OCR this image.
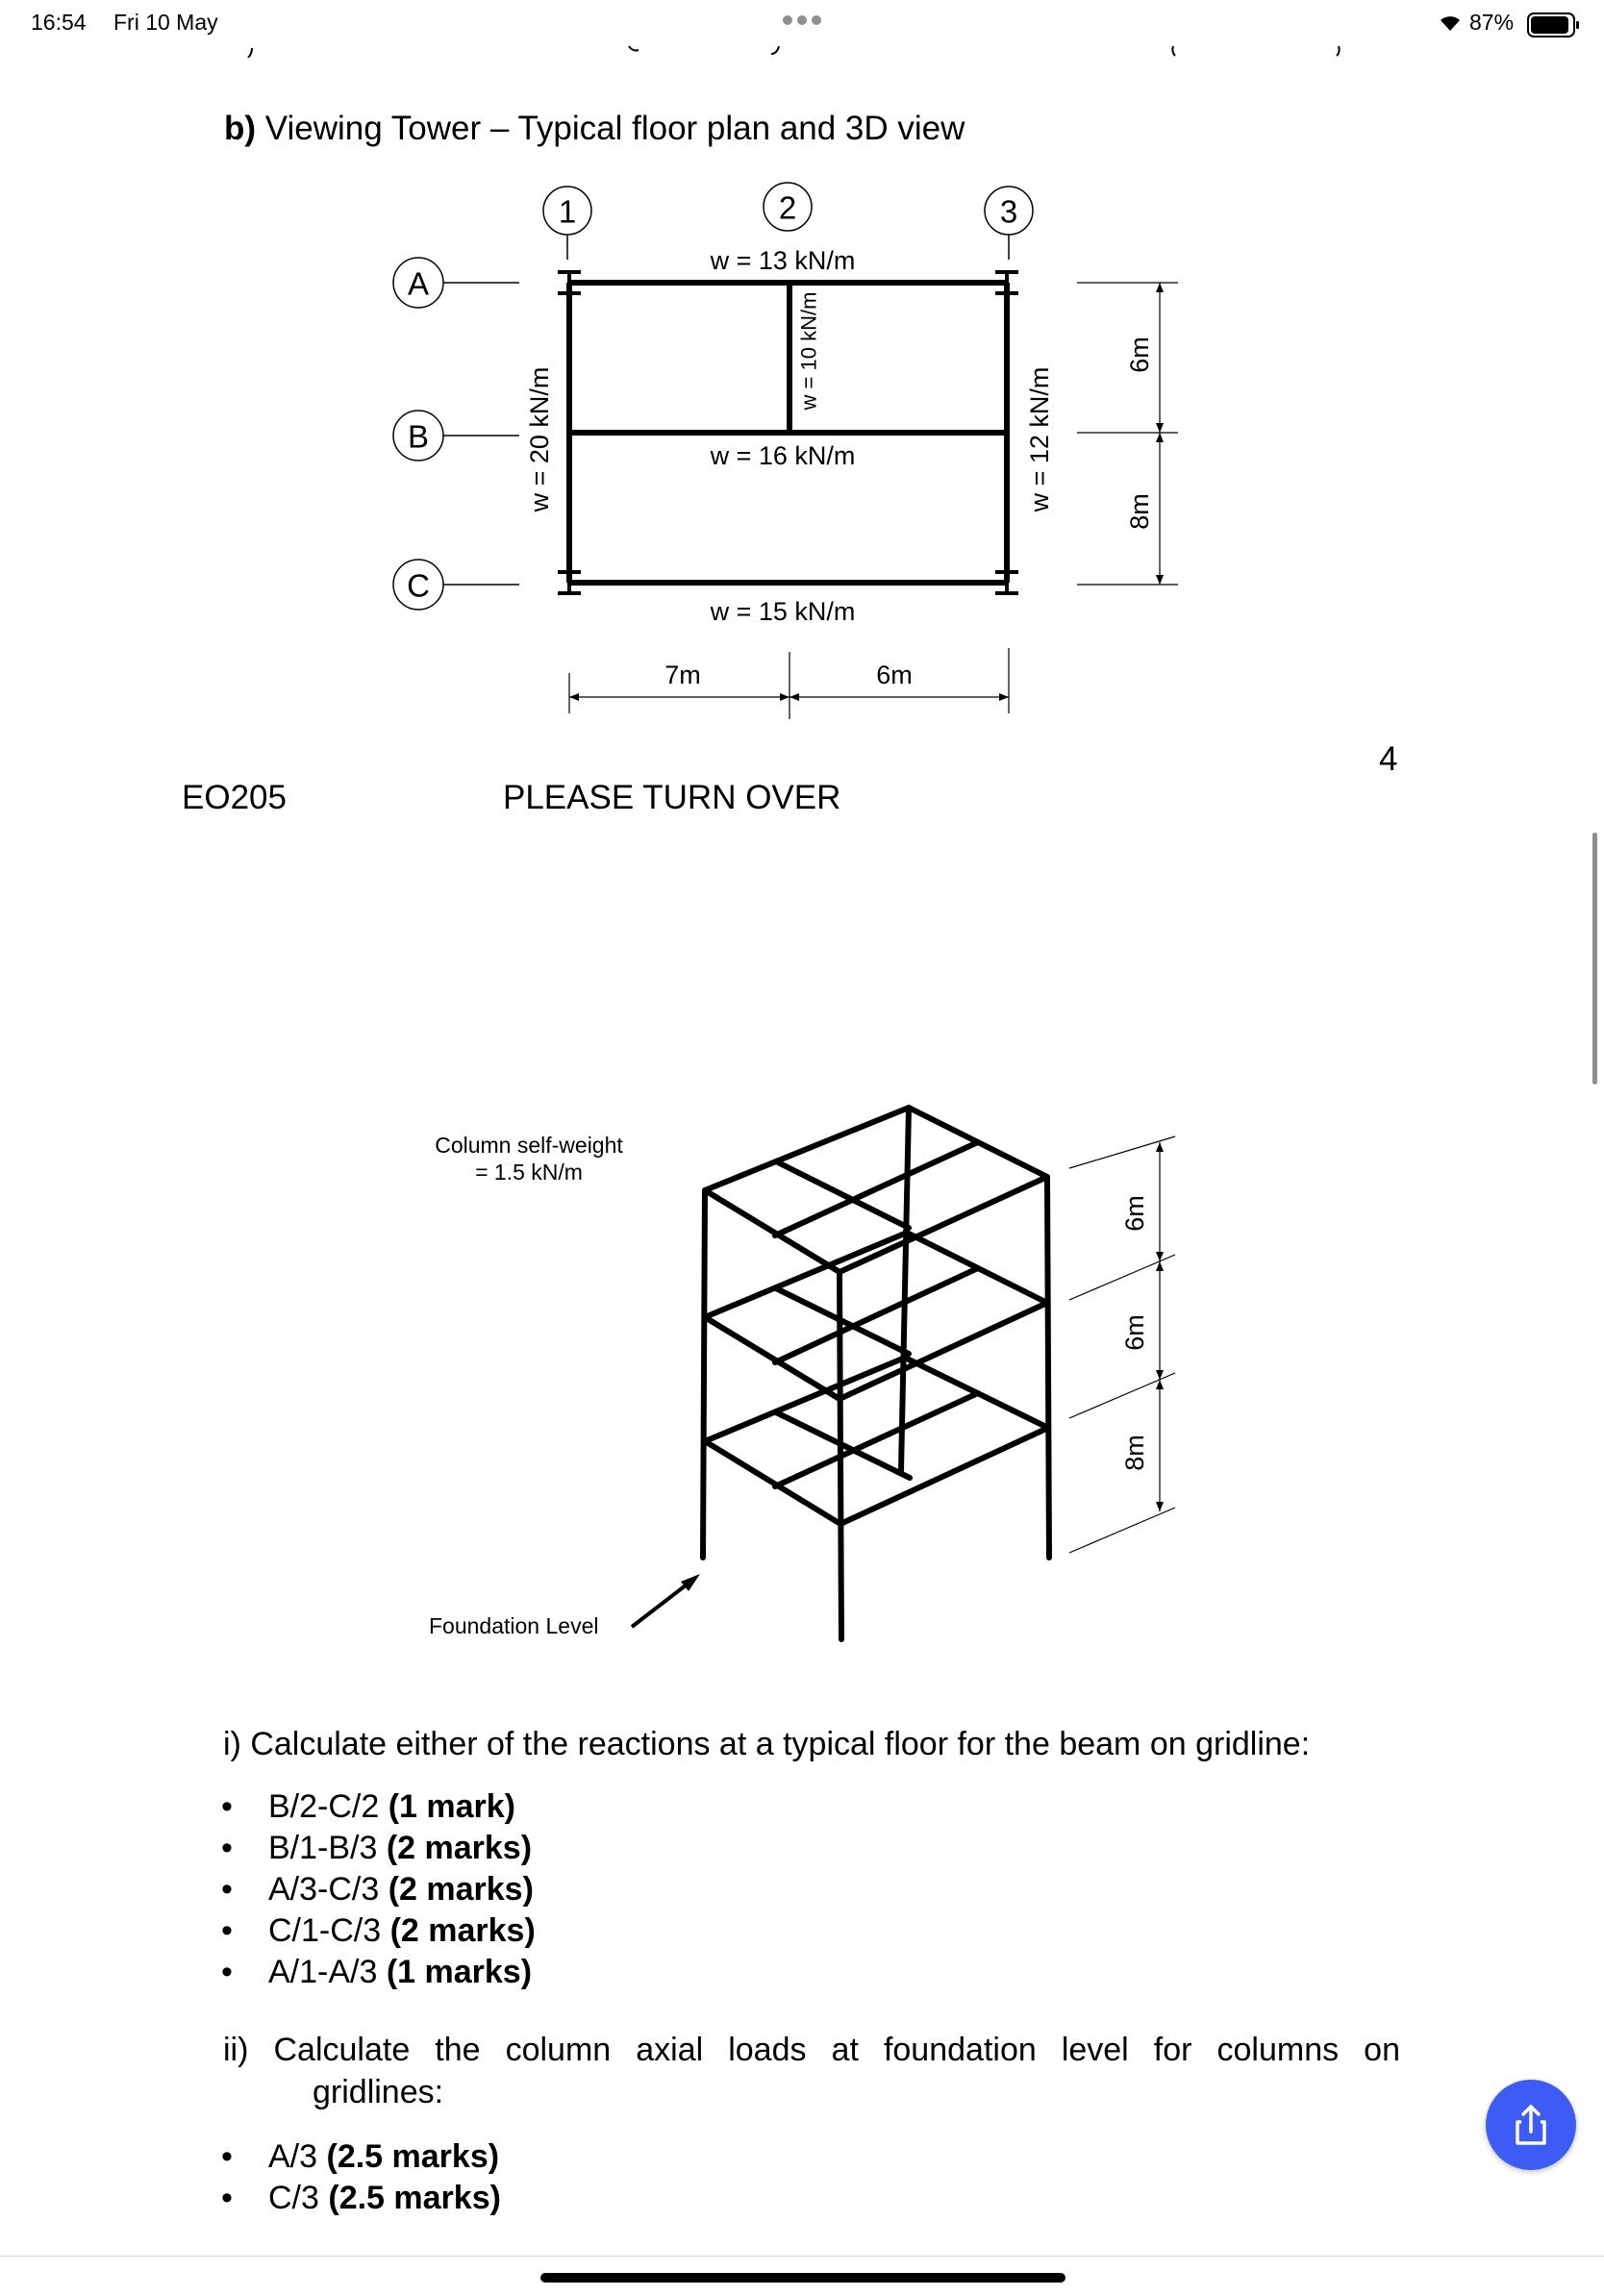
16:54 Fri 10 May	87%
b) Viewing Tower – Typical floor plan and 3D view
1	2	3
A
B
C
w = 13 kN/m
w = 16 kN/m
w = 15 kN/m
w = 20 kN/m
w = 10 kN/m
w = 12 kN/m
6m
8m
7m	6m
4
EO205	PLEASE TURN OVER
6m
6m
8m
Column self-weight
= 1.5 kN/m
Foundation Level
i) Calculate either of the reactions at a typical floor for the beam on gridline:
• B/2-C/2 (1 mark)
• B/1-B/3 (2 marks)
• A/3-C/3 (2 marks)
• C/1-C/3 (2 marks)
• A/1-A/3 (1 marks)
ii) Calculate the column axial loads at foundation level for columns on
gridlines:
• A/3 (2.5 marks)
• C/3 (2.5 marks)
